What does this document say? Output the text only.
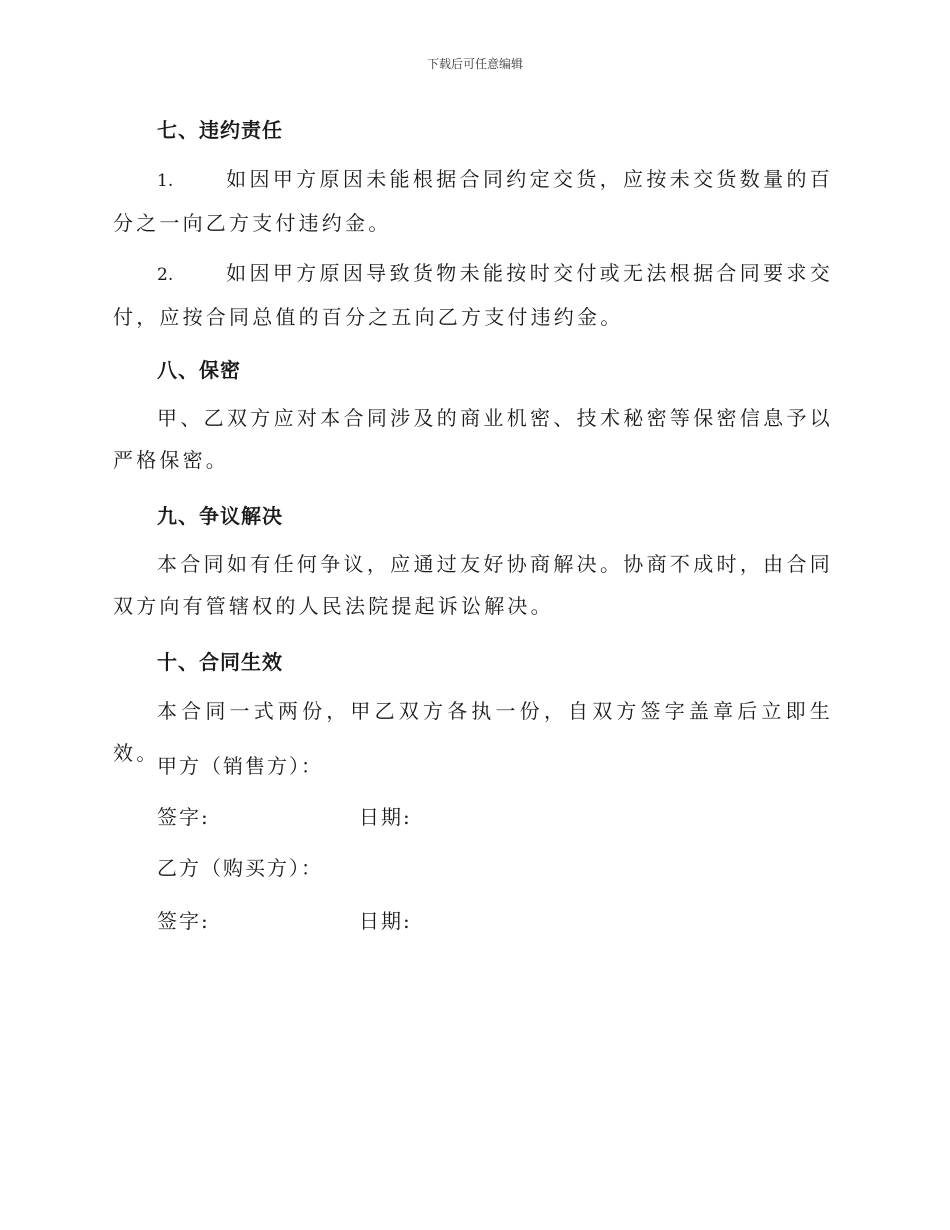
下载后可任意编辑
七、违约责任
1.	如因甲方原因未能根据合同约定交货，应按未交货数量的百分之一向乙方支付违约金。
2.	如因甲方原因导致货物未能按时交付或无法根据合同要求交付，应按合同总值的百分之五向乙方支付违约金。
八、保密
甲、乙双方应对本合同涉及的商业机密、技术秘密等保密信息予以严格保密。
九、争议解决
本合同如有任何争议，应通过友好协商解决。协商不成时，由合同双方向有管辖权的人民法院提起诉讼解决。
十、合同生效
本合同一式两份，甲乙双方各执一份，自双方签字盖章后立即生效。
甲方（销售方）：
签字:	日期:
乙方（购买方）：
签字:	日期:
